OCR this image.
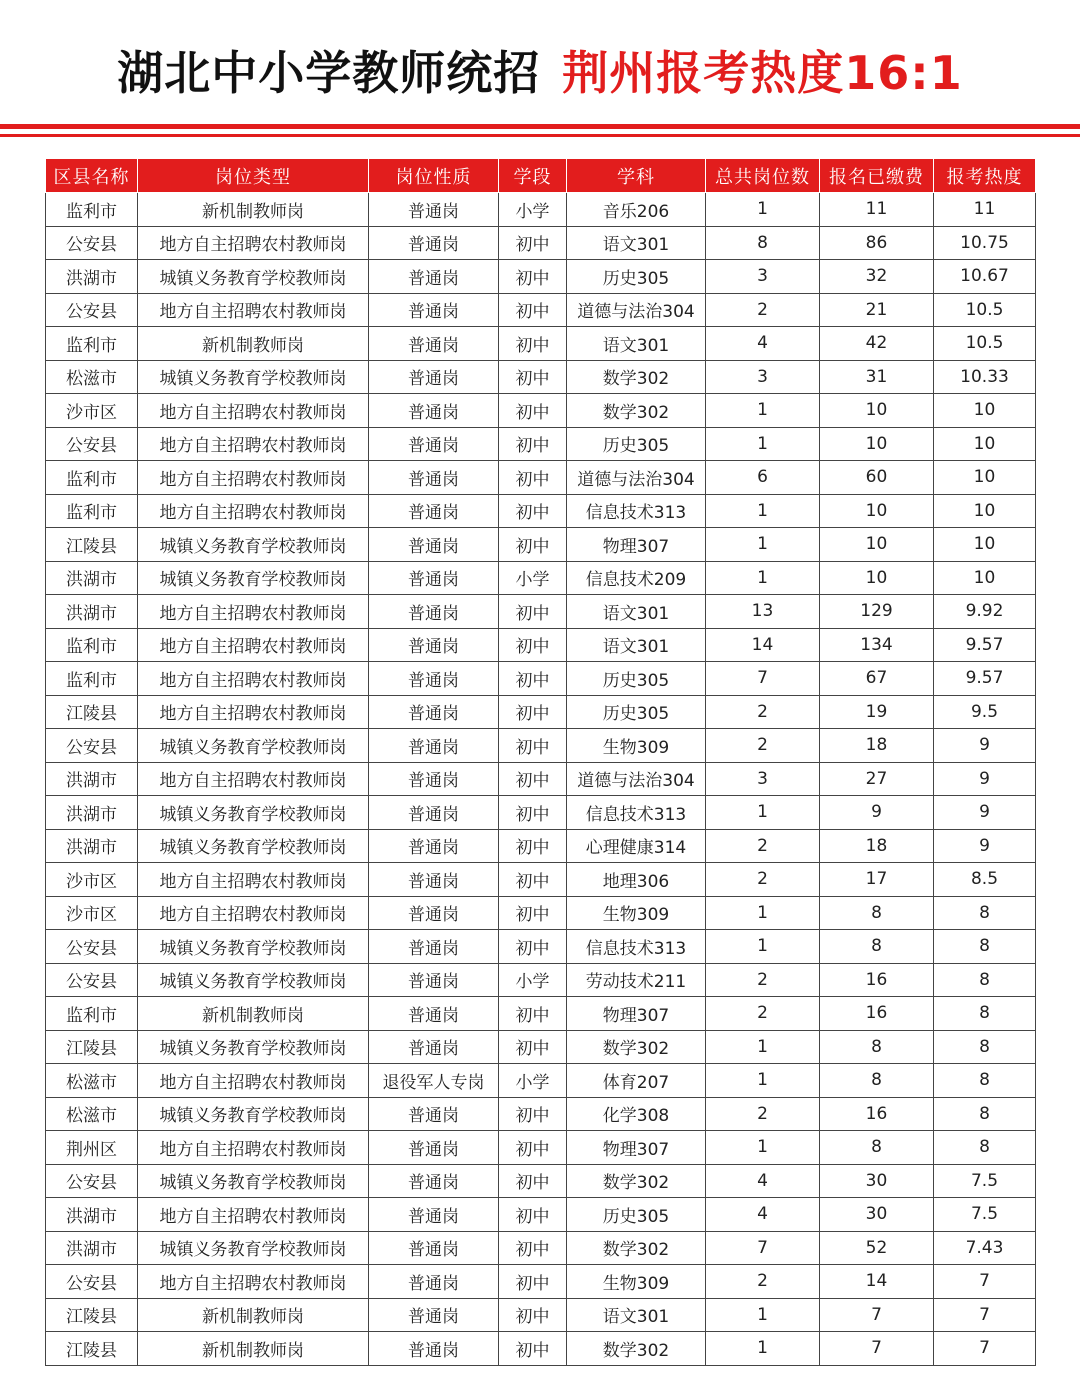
湖北中小学教师统招 荆州报考热度16:1
区县名称	岗位类型	岗位性质	学段	学科	总共岗位数	报名已缴费	报考热度
监利市	新机制教师岗	普通岗	小学	音乐206	1	11	11
公安县	地方自主招聘农村教师岗	普通岗	初中	语文301	8	86	10.75
洪湖市	城镇义务教育学校教师岗	普通岗	初中	历史305	3	32	10.67
公安县	地方自主招聘农村教师岗	普通岗	初中	道德与法治304	2	21	10.5
监利市	新机制教师岗	普通岗	初中	语文301	4	42	10.5
松滋市	城镇义务教育学校教师岗	普通岗	初中	数学302	3	31	10.33
沙市区	地方自主招聘农村教师岗	普通岗	初中	数学302	1	10	10
公安县	地方自主招聘农村教师岗	普通岗	初中	历史305	1	10	10
监利市	地方自主招聘农村教师岗	普通岗	初中	道德与法治304	6	60	10
监利市	地方自主招聘农村教师岗	普通岗	初中	信息技术313	1	10	10
江陵县	城镇义务教育学校教师岗	普通岗	初中	物理307	1	10	10
洪湖市	城镇义务教育学校教师岗	普通岗	小学	信息技术209	1	10	10
洪湖市	地方自主招聘农村教师岗	普通岗	初中	语文301	13	129	9.92
监利市	地方自主招聘农村教师岗	普通岗	初中	语文301	14	134	9.57
监利市	地方自主招聘农村教师岗	普通岗	初中	历史305	7	67	9.57
江陵县	地方自主招聘农村教师岗	普通岗	初中	历史305	2	19	9.5
公安县	城镇义务教育学校教师岗	普通岗	初中	生物309	2	18	9
洪湖市	地方自主招聘农村教师岗	普通岗	初中	道德与法治304	3	27	9
洪湖市	城镇义务教育学校教师岗	普通岗	初中	信息技术313	1	9	9
洪湖市	城镇义务教育学校教师岗	普通岗	初中	心理健康314	2	18	9
沙市区	地方自主招聘农村教师岗	普通岗	初中	地理306	2	17	8.5
沙市区	地方自主招聘农村教师岗	普通岗	初中	生物309	1	8	8
公安县	城镇义务教育学校教师岗	普通岗	初中	信息技术313	1	8	8
公安县	城镇义务教育学校教师岗	普通岗	小学	劳动技术211	2	16	8
监利市	新机制教师岗	普通岗	初中	物理307	2	16	8
江陵县	城镇义务教育学校教师岗	普通岗	初中	数学302	1	8	8
松滋市	地方自主招聘农村教师岗	退役军人专岗	小学	体育207	1	8	8
松滋市	城镇义务教育学校教师岗	普通岗	初中	化学308	2	16	8
荆州区	地方自主招聘农村教师岗	普通岗	初中	物理307	1	8	8
公安县	城镇义务教育学校教师岗	普通岗	初中	数学302	4	30	7.5
洪湖市	地方自主招聘农村教师岗	普通岗	初中	历史305	4	30	7.5
洪湖市	城镇义务教育学校教师岗	普通岗	初中	数学302	7	52	7.43
公安县	地方自主招聘农村教师岗	普通岗	初中	生物309	2	14	7
江陵县	新机制教师岗	普通岗	初中	语文301	1	7	7
江陵县	新机制教师岗	普通岗	初中	数学302	1	7	7
